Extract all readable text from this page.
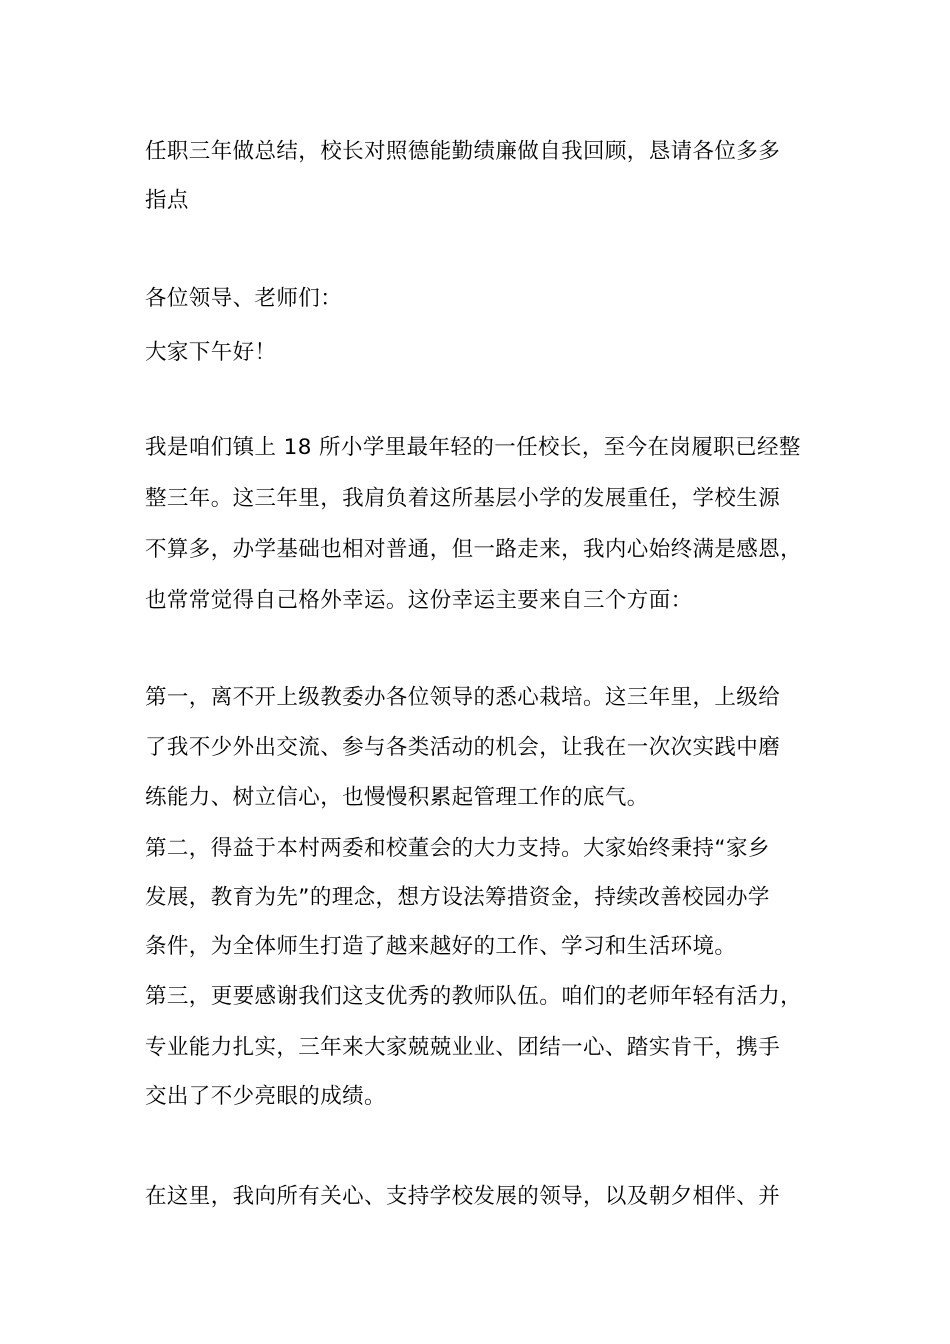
任职三年做总结，校长对照德能勤绩廉做自我回顾，恳请各位多多
指点
各位领导、老师们：
大家下午好！
我是咱们镇上 18 所小学里最年轻的一任校长，至今在岗履职已经整
整三年。这三年里，我肩负着这所基层小学的发展重任，学校生源
不算多，办学基础也相对普通，但一路走来，我内心始终满是感恩，
也常常觉得自己格外幸运。这份幸运主要来自三个方面：
第一，离不开上级教委办各位领导的悉心栽培。这三年里，上级给
了我不少外出交流、参与各类活动的机会，让我在一次次实践中磨
练能力、树立信心，也慢慢积累起管理工作的底气。
第二，得益于本村两委和校董会的大力支持。大家始终秉持“家乡
发展，教育为先”的理念，想方设法筹措资金，持续改善校园办学
条件，为全体师生打造了越来越好的工作、学习和生活环境。
第三，更要感谢我们这支优秀的教师队伍。咱们的老师年轻有活力，
专业能力扎实，三年来大家兢兢业业、团结一心、踏实肯干，携手
交出了不少亮眼的成绩。
在这里，我向所有关心、支持学校发展的领导，以及朝夕相伴、并
